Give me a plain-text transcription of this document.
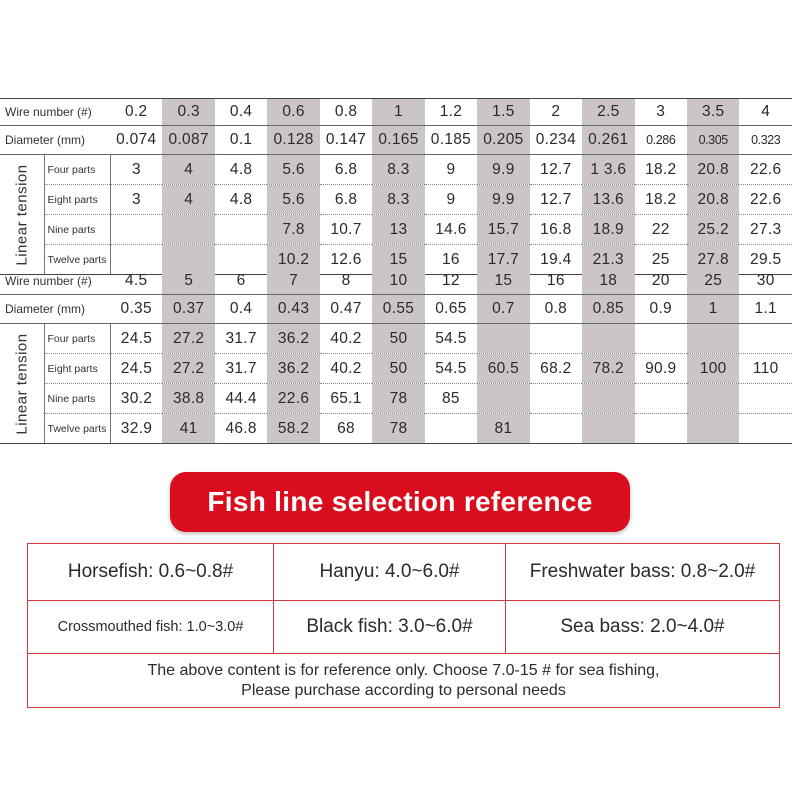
Wire number (#)		0.2	0.3	0.4	0.6	0.8	1	1.2	1.5	2	2.5	3	3.5	4
Diameter (mm)		0.074	0.087	0.1	0.128	0.147	0.165	0.185	0.205	0.234	0.261	0.286	0.305	0.323

Linear tension	Four parts	3	4	4.8	5.6	6.8	8.3	9	9.9	12.7	1 3.6	18.2	20.8	22.6
	Eight parts	3	4	4.8	5.6	6.8	8.3	9	9.9	12.7	13.6	18.2	20.8	22.6
	Nine parts				7.8	10.7	13	14.6	15.7	16.8	18.9	22	25.2	27.3
	Twelve parts				10.2	12.6	15	16	17.7	19.4	21.3	25	27.8	29.5
Wire number (#)		4.5	5	6	7	8	10	12	15	16	18	20	25	30
Diameter (mm)		0.35	0.37	0.4	0.43	0.47	0.55	0.65	0.7	0.8	0.85	0.9	1	1.1

Linear tension	Four parts	24.5	27.2	31.7	36.2	40.2	50	54.5						
	Eight parts	24.5	27.2	31.7	36.2	40.2	50	54.5	60.5	68.2	78.2	90.9	100	110
	Nine parts	30.2	38.8	44.4	22.6	65.1	78	85						
	Twelve parts	32.9	41	46.8	58.2	68	78		81					
Fish line selection reference
Horsefish: 0.6~0.8#	Hanyu: 4.0~6.0#	Freshwater bass: 0.8~2.0#
Crossmouthed fish: 1.0~3.0#	Black fish: 3.0~6.0#	Sea bass: 2.0~4.0#
The above content is for reference only. Choose 7.0-15 # for sea fishing,
Please purchase according to personal needs		
